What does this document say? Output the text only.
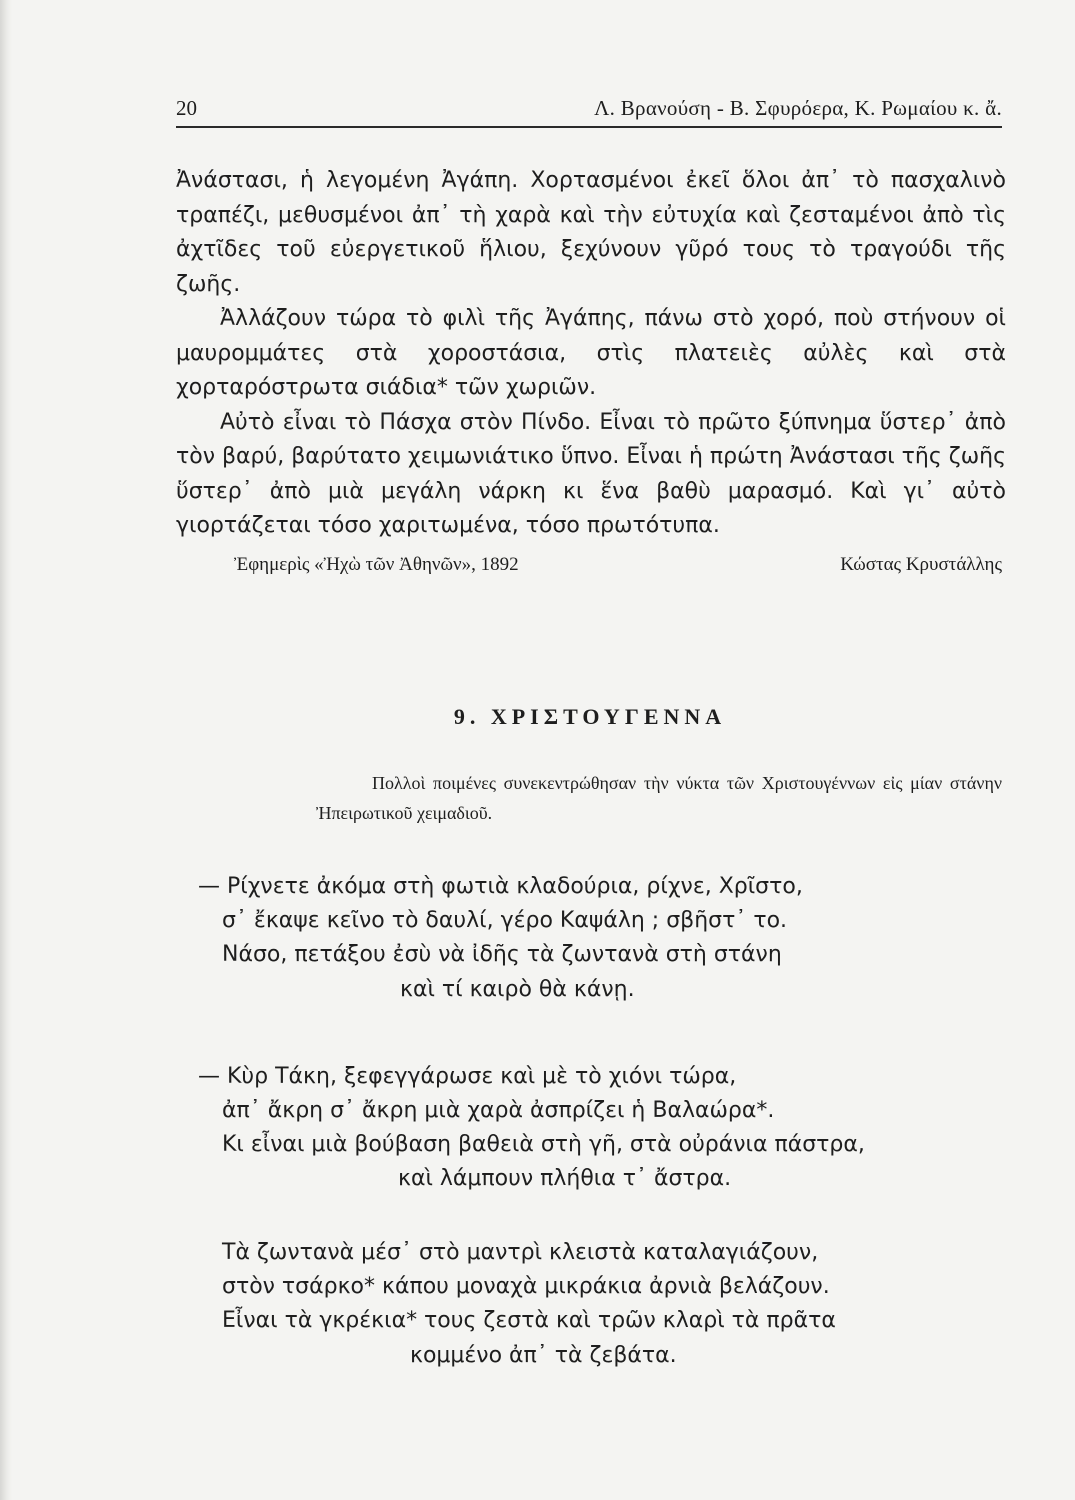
20	Λ. Βρανούση - Β. Σφυρόερα, Κ. Ρωμαίου κ. ἄ.

Ἀνάστασι, ἡ λεγομένη Ἀγάπη. Χορτασμένοι ἐκεῖ ὅλοι ἀπ᾿ τὸ πασχαλινὸ τραπέζι, μεθυσμένοι ἀπ᾿ τὴ χαρὰ καὶ τὴν εὐτυχία καὶ ζεσταμένοι ἀπὸ τὶς ἀχτῖδες τοῦ εὐεργετικοῦ ἥλιου, ξεχύνουν γῦρό τους τὸ τραγούδι τῆς ζωῆς.

Ἀλλάζουν τώρα τὸ φιλὶ τῆς Ἀγάπης, πάνω στὸ χορό, ποὺ στήνουν οἱ μαυρομμάτες στὰ χοροστάσια, στὶς πλατειὲς αὐλὲς καὶ στὰ χορταρόστρωτα σιάδια* τῶν χωριῶν.

Αὐτὸ εἶναι τὸ Πάσχα στὸν Πίνδο. Εἶναι τὸ πρῶτο ξύπνημα ὕστερ᾿ ἀπὸ τὸν βαρύ, βαρύτατο χειμωνιάτικο ὕπνο. Εἶναι ἡ πρώτη Ἀνάστασι τῆς ζωῆς ὕστερ᾿ ἀπὸ μιὰ μεγάλη νάρκη κι ἕνα βαθὺ μαρασμό. Καὶ γι᾿ αὐτὸ γιορτάζεται τόσο χαριτωμένα, τόσο πρωτότυπα.

Ἐφημερὶς «Ἠχὼ τῶν Ἀθηνῶν», 1892	Κώστας Κρυστάλλης
9. ΧΡΙΣΤΟΥΓΕΝΝΑ
Πολλοὶ ποιμένες συνεκεντρώθησαν τὴν νύκτα τῶν Χριστουγέννων εἰς μίαν στάνην Ἠπειρωτικοῦ χειμαδιοῦ.
— Ρίχνετε ἀκόμα στὴ φωτιὰ κλαδούρια, ρίχνε, Χρῖστο,
σ᾿ ἔκαψε κεῖνο τὸ δαυλί, γέρο Καψάλη ; σβῆστ᾿ το.
Νάσο, πετάξου ἐσὺ νὰ ἰδῆς τὰ ζωντανὰ στὴ στάνη
καὶ τί καιρὸ θὰ κάνῃ.
— Κὺρ Τάκη, ξεφεγγάρωσε καὶ μὲ τὸ χιόνι τώρα,
ἀπ᾿ ἄκρη σ᾿ ἄκρη μιὰ χαρὰ ἀσπρίζει ἡ Βαλαώρα*.
Κι εἶναι μιὰ βούβαση βαθειὰ στὴ γῆ, στὰ οὐράνια πάστρα,
καὶ λάμπουν πλήθια τ᾿ ἄστρα.
Τὰ ζωντανὰ μέσ᾿ στὸ μαντρὶ κλειστὰ καταλαγιάζουν,
στὸν τσάρκο* κάπου μοναχὰ μικράκια ἀρνιὰ βελάζουν.
Εἶναι τὰ γκρέκια* τους ζεστὰ καὶ τρῶν κλαρὶ τὰ πρᾶτα
κομμένο ἀπ᾿ τὰ ζεβάτα.
